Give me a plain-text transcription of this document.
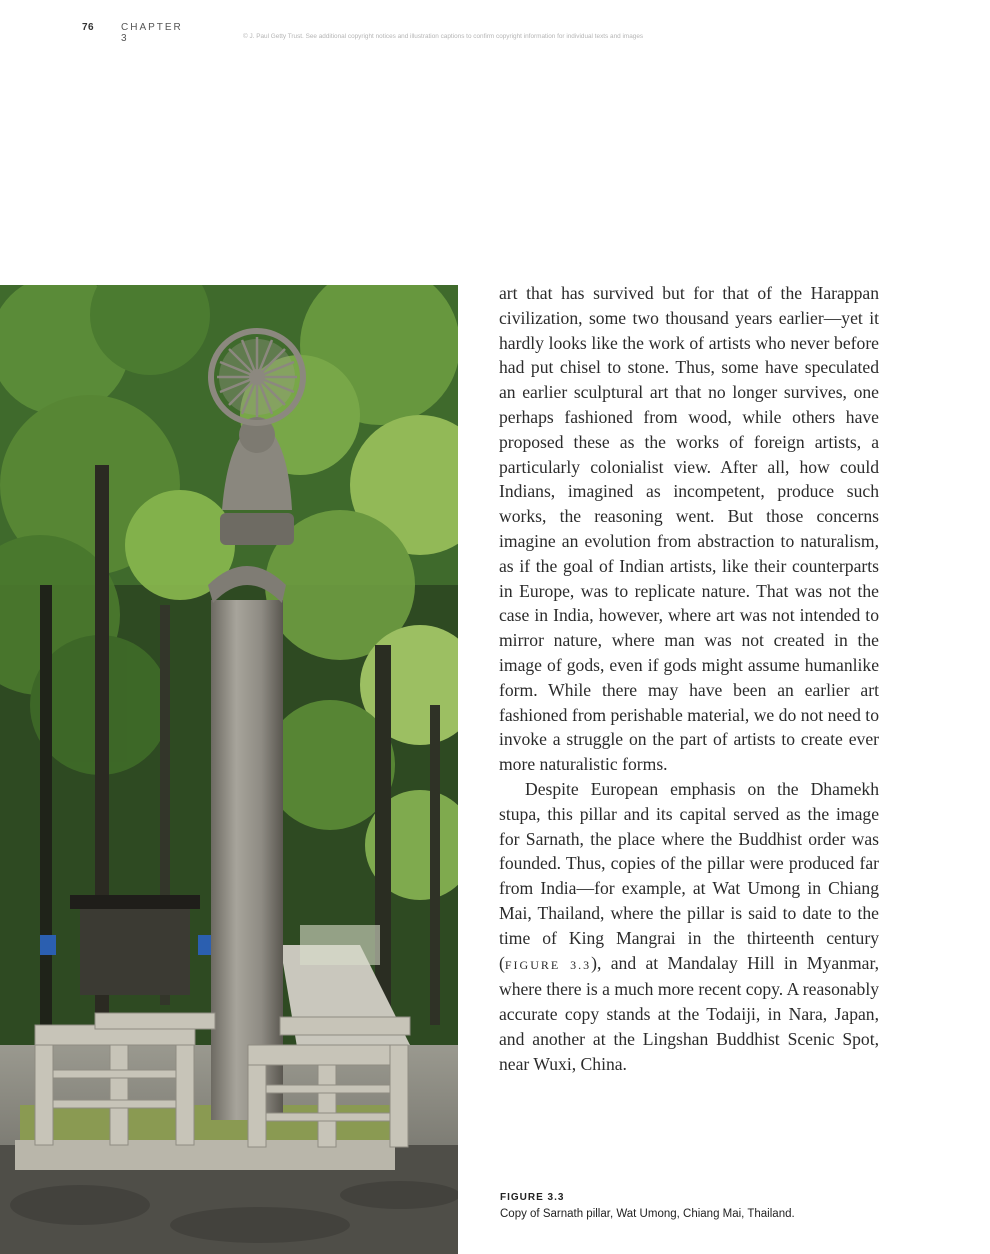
76	CHAPTER 3	© J. Paul Getty Trust. See additional copyright notices and illustration captions to confirm copyright information for individual texts and images

art that has survived but for that of the Harappan civilization, some two thousand years earlier—yet it hardly looks like the work of artists who never before had put chisel to stone. Thus, some have speculated an earlier sculptural art that no longer survives, one perhaps fashioned from wood, while others have proposed these as the works of foreign artists, a particularly colonialist view. After all, how could Indians, imagined as incompetent, produce such works, the reasoning went. But those concerns imagine an evolution from abstraction to naturalism, as if the goal of Indian artists, like their counterparts in Europe, was to replicate nature. That was not the case in India, however, where art was not intended to mirror nature, where man was not created in the image of gods, even if gods might assume humanlike form. While there may have been an earlier art fashioned from perishable material, we do not need to invoke a struggle on the part of artists to create ever more naturalistic forms.

Despite European emphasis on the Dhamekh stupa, this pillar and its capital served as the image for Sarnath, the place where the Buddhist order was founded. Thus, copies of the pillar were produced far from India—for example, at Wat Umong in Chiang Mai, Thailand, where the pillar is said to date to the time of King Mangrai in the thirteenth century (FIGURE 3.3), and at Mandalay Hill in Myanmar, where there is a much more recent copy. A reasonably accurate copy stands at the Todaiji, in Nara, Japan, and another at the Lingshan Buddhist Scenic Spot, near Wuxi, China.

FIGURE 3.3
Copy of Sarnath pillar, Wat Umong, Chiang Mai, Thailand.
